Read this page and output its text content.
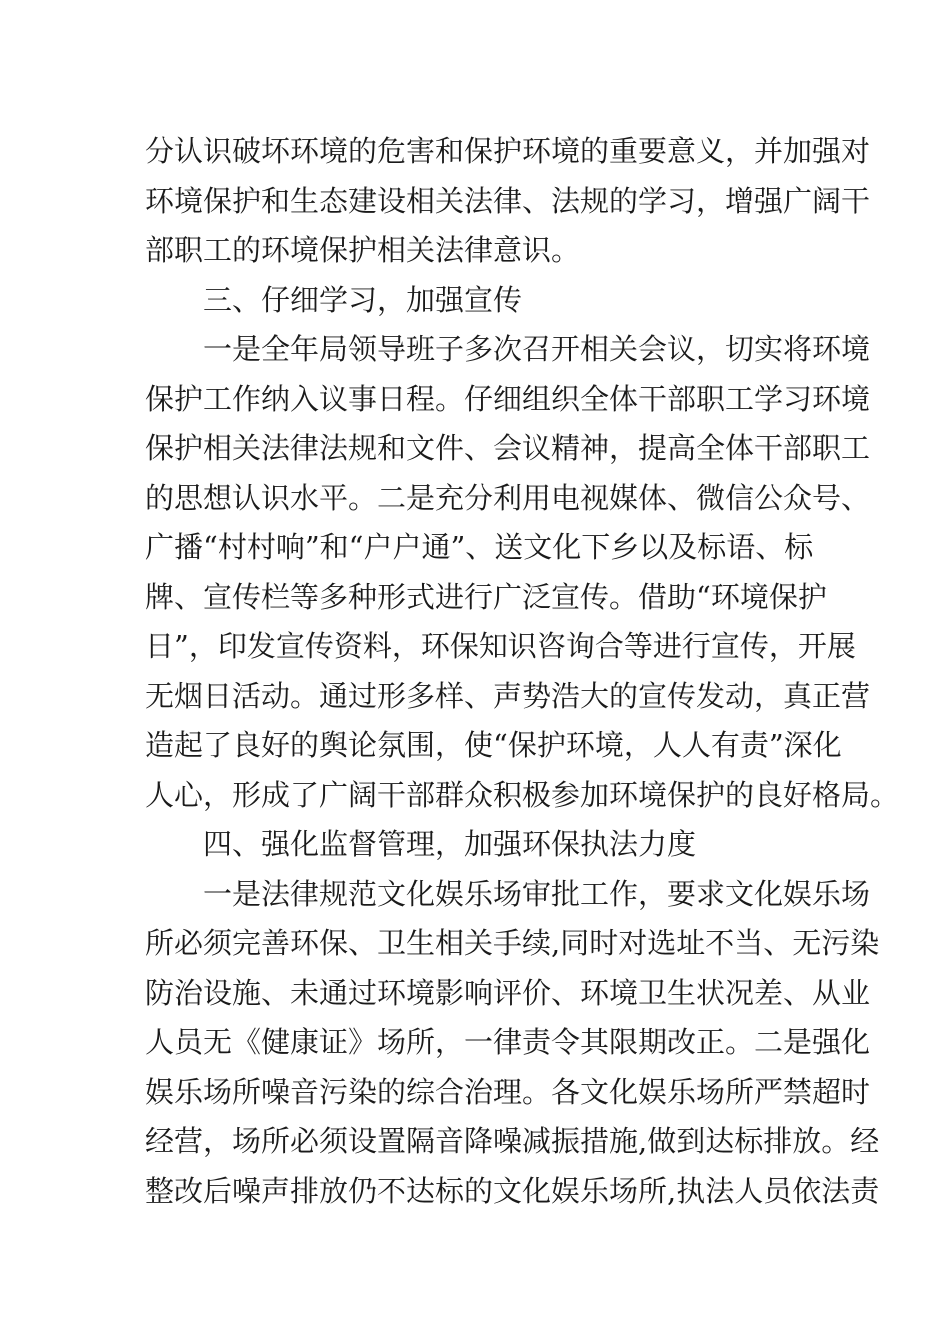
分认识破坏环境的危害和保护环境的重要意义，并加强对
环境保护和生态建设相关法律、法规的学习，增强广阔干
部职工的环境保护相关法律意识。
三、仔细学习，加强宣传
一是全年局领导班子多次召开相关会议，切实将环境
保护工作纳入议事日程。仔细组织全体干部职工学习环境
保护相关法律法规和文件、会议精神，提高全体干部职工
的思想认识水平。二是充分利用电视媒体、微信公众号、
广播“村村响”和“户户通”、送文化下乡以及标语、标
牌、宣传栏等多种形式进行广泛宣传。借助“环境保护
日”，印发宣传资料，环保知识咨询合等进行宣传，开展
无烟日活动。通过形多样、声势浩大的宣传发动，真正营
造起了良好的舆论氛围，使“保护环境，人人有责”深化
人心，形成了广阔干部群众积极参加环境保护的良好格局。
四、强化监督管理，加强环保执法力度
一是法律规范文化娱乐场审批工作，要求文化娱乐场
所必须完善环保、卫生相关手续,同时对选址不当、无污染
防治设施、未通过环境影响评价、环境卫生状况差、从业
人员无《健康证》场所，一律责令其限期改正。二是强化
娱乐场所噪音污染的综合治理。各文化娱乐场所严禁超时
经营，场所必须设置隔音降噪减振措施,做到达标排放。经
整改后噪声排放仍不达标的文化娱乐场所,执法人员依法责
